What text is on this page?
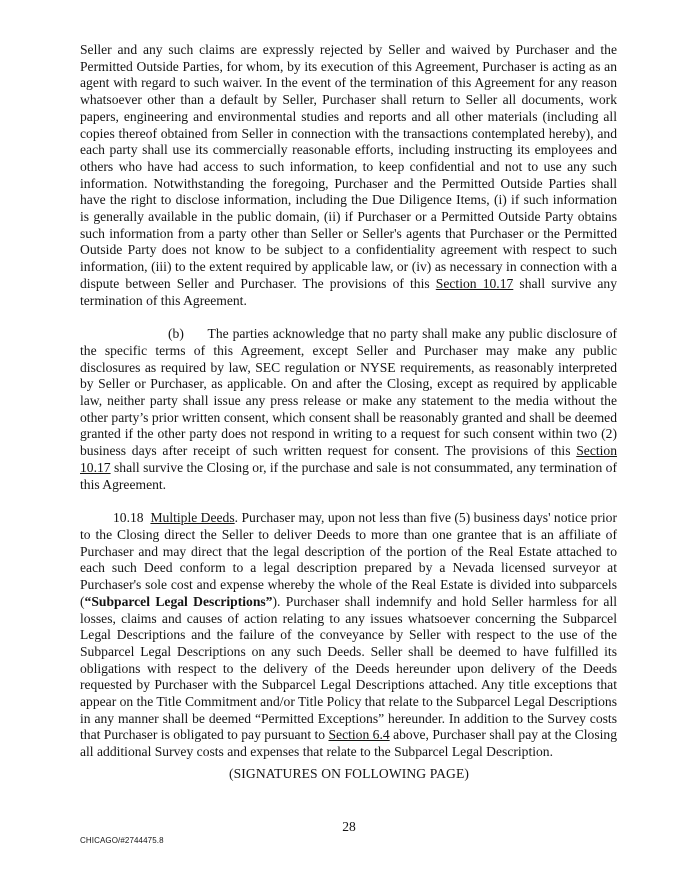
Seller and any such claims are expressly rejected by Seller and waived by Purchaser and the Permitted Outside Parties, for whom, by its execution of this Agreement, Purchaser is acting as an agent with regard to such waiver. In the event of the termination of this Agreement for any reason whatsoever other than a default by Seller, Purchaser shall return to Seller all documents, work papers, engineering and environmental studies and reports and all other materials (including all copies thereof obtained from Seller in connection with the transactions contemplated hereby), and each party shall use its commercially reasonable efforts, including instructing its employees and others who have had access to such information, to keep confidential and not to use any such information. Notwithstanding the foregoing, Purchaser and the Permitted Outside Parties shall have the right to disclose information, including the Due Diligence Items, (i) if such information is generally available in the public domain, (ii) if Purchaser or a Permitted Outside Party obtains such information from a party other than Seller or Seller's agents that Purchaser or the Permitted Outside Party does not know to be subject to a confidentiality agreement with respect to such information, (iii) to the extent required by applicable law, or (iv) as necessary in connection with a dispute between Seller and Purchaser. The provisions of this Section 10.17 shall survive any termination of this Agreement.

(b) The parties acknowledge that no party shall make any public disclosure of the specific terms of this Agreement, except Seller and Purchaser may make any public disclosures as required by law, SEC regulation or NYSE requirements, as reasonably interpreted by Seller or Purchaser, as applicable. On and after the Closing, except as required by applicable law, neither party shall issue any press release or make any statement to the media without the other party’s prior written consent, which consent shall be reasonably granted and shall be deemed granted if the other party does not respond in writing to a request for such consent within two (2) business days after receipt of such written request for consent. The provisions of this Section 10.17 shall survive the Closing or, if the purchase and sale is not consummated, any termination of this Agreement.

10.18 Multiple Deeds. Purchaser may, upon not less than five (5) business days' notice prior to the Closing direct the Seller to deliver Deeds to more than one grantee that is an affiliate of Purchaser and may direct that the legal description of the portion of the Real Estate attached to each such Deed conform to a legal description prepared by a Nevada licensed surveyor at Purchaser's sole cost and expense whereby the whole of the Real Estate is divided into subparcels (“Subparcel Legal Descriptions”). Purchaser shall indemnify and hold Seller harmless for all losses, claims and causes of action relating to any issues whatsoever concerning the Subparcel Legal Descriptions and the failure of the conveyance by Seller with respect to the use of the Subparcel Legal Descriptions on any such Deeds. Seller shall be deemed to have fulfilled its obligations with respect to the delivery of the Deeds hereunder upon delivery of the Deeds requested by Purchaser with the Subparcel Legal Descriptions attached. Any title exceptions that appear on the Title Commitment and/or Title Policy that relate to the Subparcel Legal Descriptions in any manner shall be deemed “Permitted Exceptions” hereunder. In addition to the Survey costs that Purchaser is obligated to pay pursuant to Section 6.4 above, Purchaser shall pay at the Closing all additional Survey costs and expenses that relate to the Subparcel Legal Description.

(SIGNATURES ON FOLLOWING PAGE)
28
CHICAGO/#2744475.8
